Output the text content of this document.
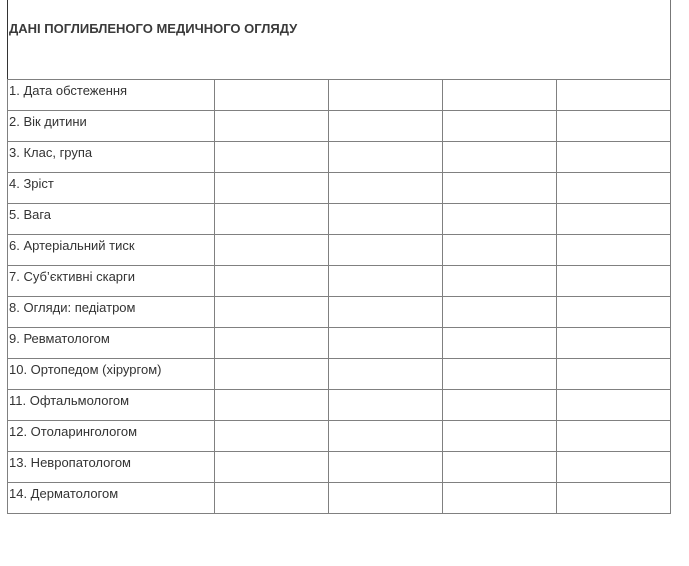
ДАНІ ПОГЛИБЛЕНОГО МЕДИЧНОГО ОГЛЯДУ
1. Дата обстеження				
2. Вік дитини				
3. Клас, група				
4. Зріст				
5. Вага				
6. Артеріальний тиск				
7. Суб’єктивні скарги				
8. Огляди: педіатром				
9. Ревматологом				
10. Ортопедом (хірургом)				
11. Офтальмологом				
12. Отоларингологом				
13. Невропатологом				
14. Дерматологом				
